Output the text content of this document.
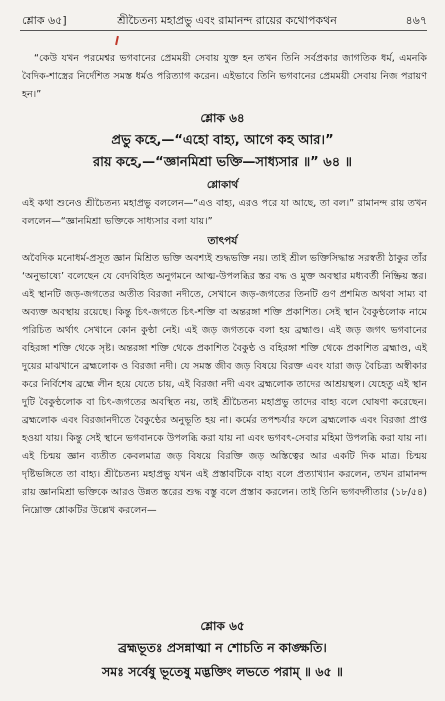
শ্লোক ৬৫]	শ্রীচৈতন্য মহাপ্রভু এবং রামানন্দ রায়ের কথোপকথন	৪৬৭
“কেউ যখন পরমেশ্বর ভগবানের প্রেমময়ী সেবায় যুক্ত হন তখন তিনি সর্বপ্রকার জাগতিক ধর্ম, এমনকি বৈদিক-শাস্ত্রের নির্দেশিত সমস্ত ধর্মও পরিত্যাগ করেন। এইভাবে তিনি ভগবানের প্রেমময়ী সেবায় নিজ পরায়ণ হন।”
শ্লোক ৬৪
প্রভু কহে,—“এহো বাহ্য, আগে কহ আর।”
রায় কহে,—“জ্ঞানমিশ্রা ভক্তি—সাধ্যসার ॥” ৬৪ ॥
শ্লোকার্থ
এই কথা শুনেও শ্রীচৈতন্য মহাপ্রভু বললেন—“এও বাহ্য, এরও পরে যা আছে, তা বল।” রামানন্দ রায় তখন বললেন—“জ্ঞানমিশ্রা ভক্তিকে সাধ্যসার বলা যায়।”
তাৎপর্য
অবৈদিক মনোধর্ম-প্রসূত জ্ঞান মিশ্রিত ভক্তি অবশ্যই শুদ্ধভক্তি নয়। তাই শ্রীল ভক্তিসিদ্ধান্ত সরস্বতী ঠাকুর তাঁর ‘অনুভাষ্যে’ বলেছেন যে বেদবিহিত অনুগমনে আত্ম-উপলব্ধির স্তর বদ্ধ ও মুক্ত অবস্থার মধ্যবর্তী নিষ্ক্রিয় স্তর। এই স্থানটি জড়-জগতের অতীত বিরজা নদীতে, সেখানে জড়-জগতের তিনটি গুণ প্রশমিত অথবা সাম্য বা অব্যক্ত অবস্থায় রয়েছে। কিন্তু চিৎ-জগতে চিৎ-শক্তি বা অন্তরঙ্গা শক্তি প্রকাশিত। সেই স্থান বৈকুণ্ঠলোক নামে পরিচিত অর্থাৎ সেখানে কোন কুণ্ঠা নেই। এই জড় জগতকে বলা হয় ব্রহ্মাণ্ড। এই জড় জগৎ ভগবানের বহিরঙ্গা শক্তি থেকে সৃষ্ট। অন্তরঙ্গা শক্তি থেকে প্রকাশিত বৈকুণ্ঠ ও বহিরঙ্গা শক্তি থেকে প্রকাশিত ব্রহ্মাণ্ড, এই দুয়ের মাঝখানে ব্রহ্মলোক ও বিরজা নদী। যে সমস্ত জীব জড় বিষয়ে বিরক্ত এবং যারা জড় বৈচিত্র্য অস্বীকার করে নির্বিশেষ ব্রহ্মে লীন হয়ে যেতে চায়, এই বিরজা নদী এবং ব্রহ্মলোক তাদের আশ্রয়স্থল। যেহেতু এই স্থান দুটি বৈকুণ্ঠলোক বা চিৎ-জগতের অবস্থিত নয়, তাই শ্রীচৈতন্য মহাপ্রভু তাদের বাহ্য বলে ঘোষণা করেছেন। ব্রহ্মলোক এবং বিরজানদীতে বৈকুণ্ঠের অনুভূতি হয় না। কর্মের তপশ্চর্যার ফলে ব্রহ্মলোক এবং বিরজা প্রাপ্ত হওয়া যায়। কিন্তু সেই স্থানে ভগবানকে উপলব্ধি করা যায় না এবং ভগবৎ-সেবার মহিমা উপলব্ধি করা যায় না। এই চিন্ময় জ্ঞান ব্যতীত কেবলমাত্র জড় বিষয়ে বিরক্তি জড় অস্তিত্বের আর একটি দিক মাত্র। চিন্ময় দৃষ্টিভঙ্গিতে তা বাহ্য। শ্রীচৈতন্য মহাপ্রভু যখন এই প্রস্তাবটিকে বাহ্য বলে প্রত্যাখ্যান করলেন, তখন রামানন্দ রায় জ্ঞানমিশ্রা ভক্তিকে আরও উন্নত স্তরের শুদ্ধ বস্তু বলে প্রস্তাব করলেন। তাই তিনি ভগবদ্গীতার (১৮/৫৪) নিম্নোক্ত শ্লোকটির উল্লেখ করলেন—
শ্লোক ৬৫
ব্রহ্মভূতঃ প্রসন্নাত্মা ন শোচতি ন কাঙ্ক্ষতি।
সমঃ সর্বেষু ভূতেষু মদ্ভক্তিং লভতে পরাম্ ॥ ৬৫ ॥
